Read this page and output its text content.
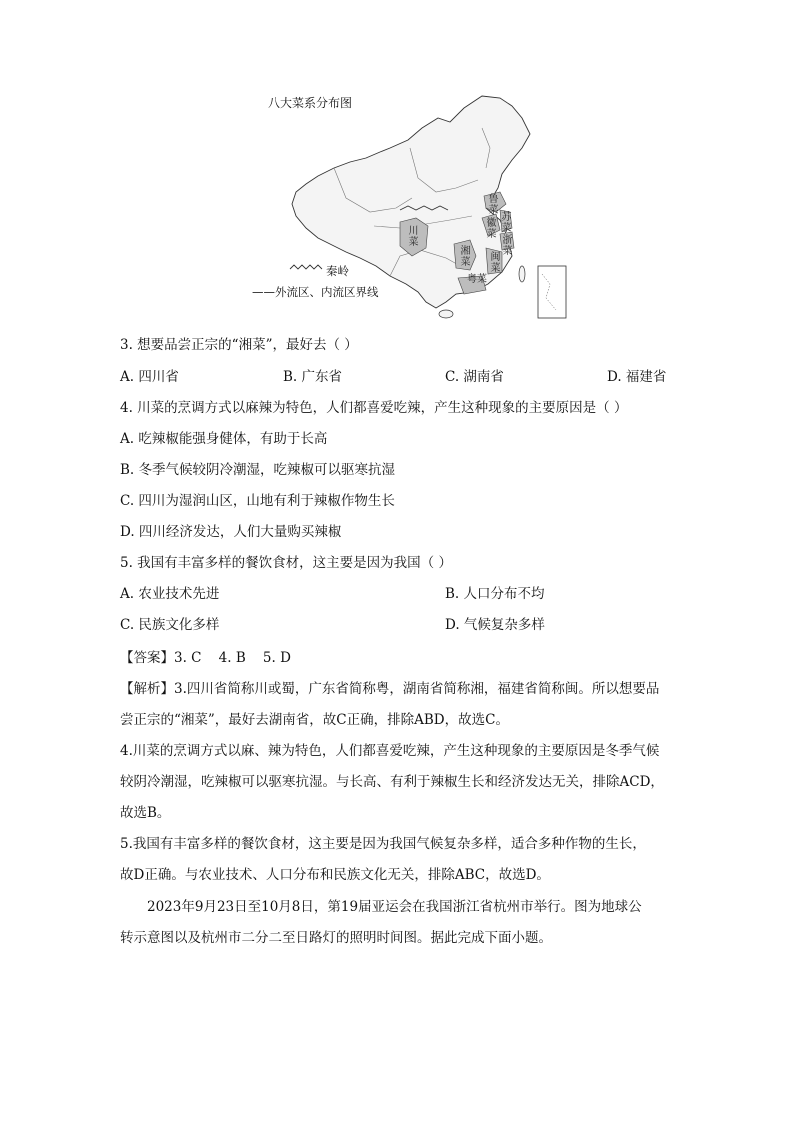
八大菜系分布图
秦岭
——外流区、内流区界线
川菜
湘菜
鲁菜
徽菜
苏菜
浙菜
闽菜
粤菜
3. 想要品尝正宗的“湘菜”，最好去（ ）
A. 四川省	B. 广东省	C. 湖南省	D. 福建省
4. 川菜的烹调方式以麻辣为特色，人们都喜爱吃辣，产生这种现象的主要原因是（ ）
A. 吃辣椒能强身健体，有助于长高
B. 冬季气候较阴冷潮湿，吃辣椒可以驱寒抗湿
C. 四川为湿润山区，山地有利于辣椒作物生长
D. 四川经济发达，人们大量购买辣椒
5. 我国有丰富多样的餐饮食材，这主要是因为我国（ ）
A. 农业技术先进	B. 人口分布不均
C. 民族文化多样	D. 气候复杂多样
【答案】3. C    4. B    5. D
【解析】3.四川省简称川或蜀，广东省简称粤，湖南省简称湘，福建省简称闽。所以想要品
尝正宗的“湘菜”，最好去湖南省，故C正确，排除ABD，故选C。
4.川菜的烹调方式以麻、辣为特色，人们都喜爱吃辣，产生这种现象的主要原因是冬季气候
较阴冷潮湿，吃辣椒可以驱寒抗湿。与长高、有利于辣椒生长和经济发达无关，排除ACD，
故选B。
5.我国有丰富多样的餐饮食材，这主要是因为我国气候复杂多样，适合多种作物的生长，
故D正确。与农业技术、人口分布和民族文化无关，排除ABC，故选D。
2023年9月23日至10月8日，第19届亚运会在我国浙江省杭州市举行。图为地球公
转示意图以及杭州市二分二至日路灯的照明时间图。据此完成下面小题。
